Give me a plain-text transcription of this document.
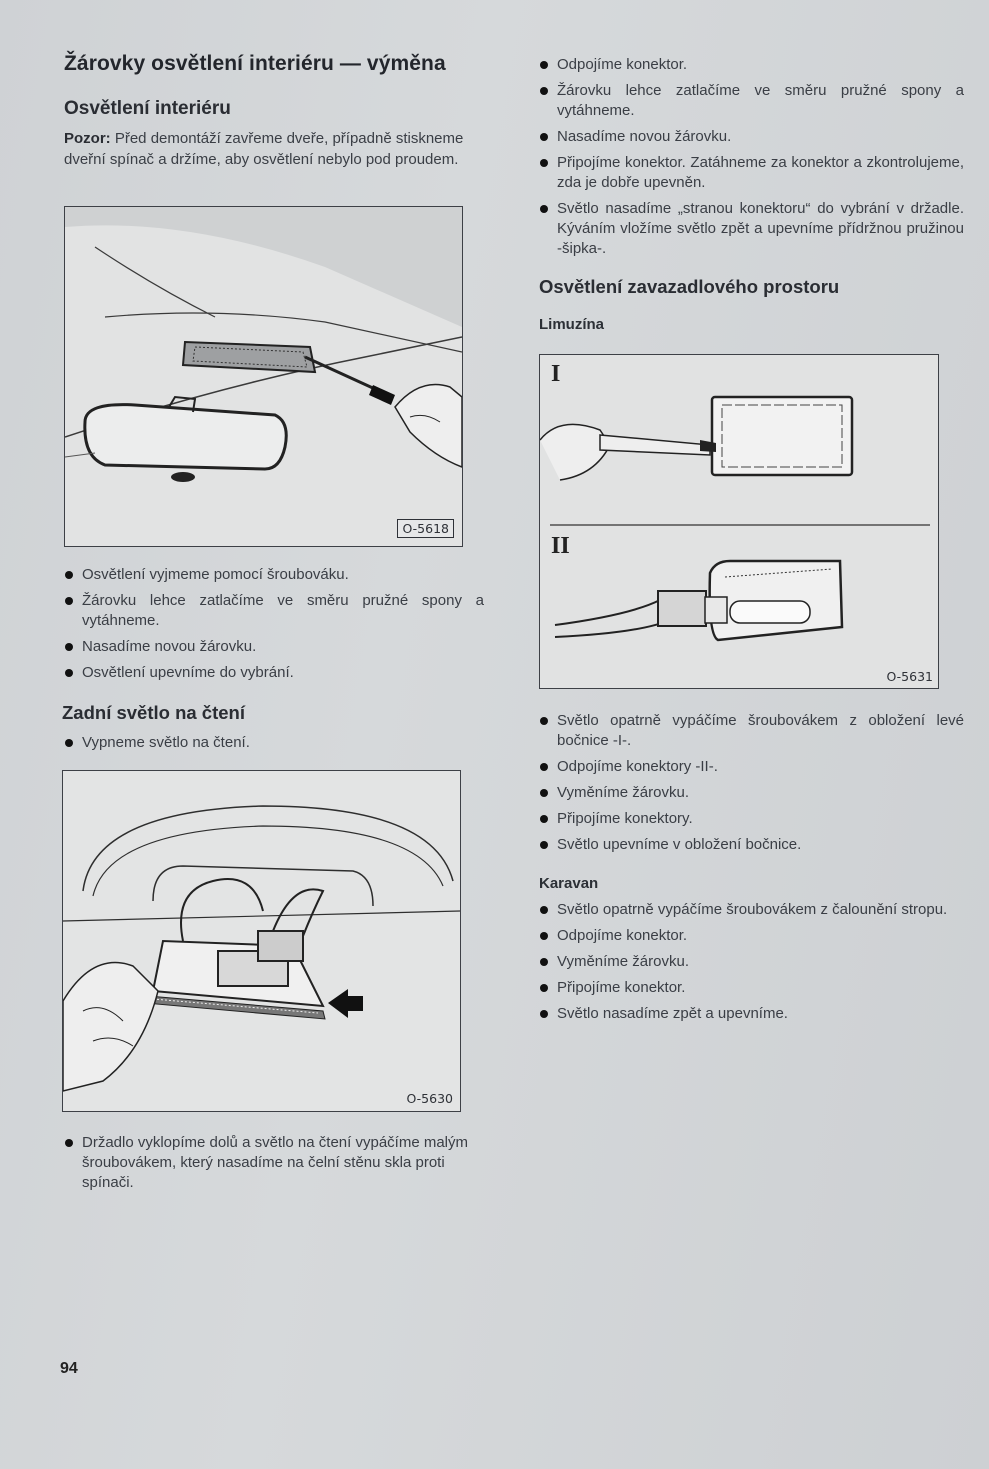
Žárovky osvětlení interiéru — výměna
Osvětlení interiéru

Pozor: Před demontáží zavřeme dveře, případně stiskneme dveřní spínač a držíme, aby osvětlení nebylo pod proudem.

O-5618
Osvětlení vyjmeme pomocí šroubováku.
Žárovku lehce zatlačíme ve směru pružné spony a vytáhneme.
Nasadíme novou žárovku.
Osvětlení upevníme do vybrání.
Zadní světlo na čtení
Vypneme světlo na čtení.
O-5630
Držadlo vyklopíme dolů a světlo na čtení vypáčíme malým šroubovákem, který nasadíme na čelní stěnu skla proti spínači.
94
Odpojíme konektor.
Žárovku lehce zatlačíme ve směru pružné spony a vytáhneme.
Nasadíme novou žárovku.
Připojíme konektor. Zatáhneme za konektor a zkontrolujeme, zda je dobře upevněn.
Světlo nasadíme „stranou konektoru“ do vybrání v držadle. Kýváním vložíme světlo zpět a upevníme přídržnou pružinou -šipka-.
Osvětlení zavazadlového prostoru
Limuzína
I
II
O-5631
Světlo opatrně vypáčíme šroubovákem z obložení levé bočnice -I-.
Odpojíme konektory -II-.
Vyměníme žárovku.
Připojíme konektory.
Světlo upevníme v obložení bočnice.
Karavan
Světlo opatrně vypáčíme šroubovákem z čalounění stropu.
Odpojíme konektor.
Vyměníme žárovku.
Připojíme konektor.
Světlo nasadíme zpět a upevníme.
